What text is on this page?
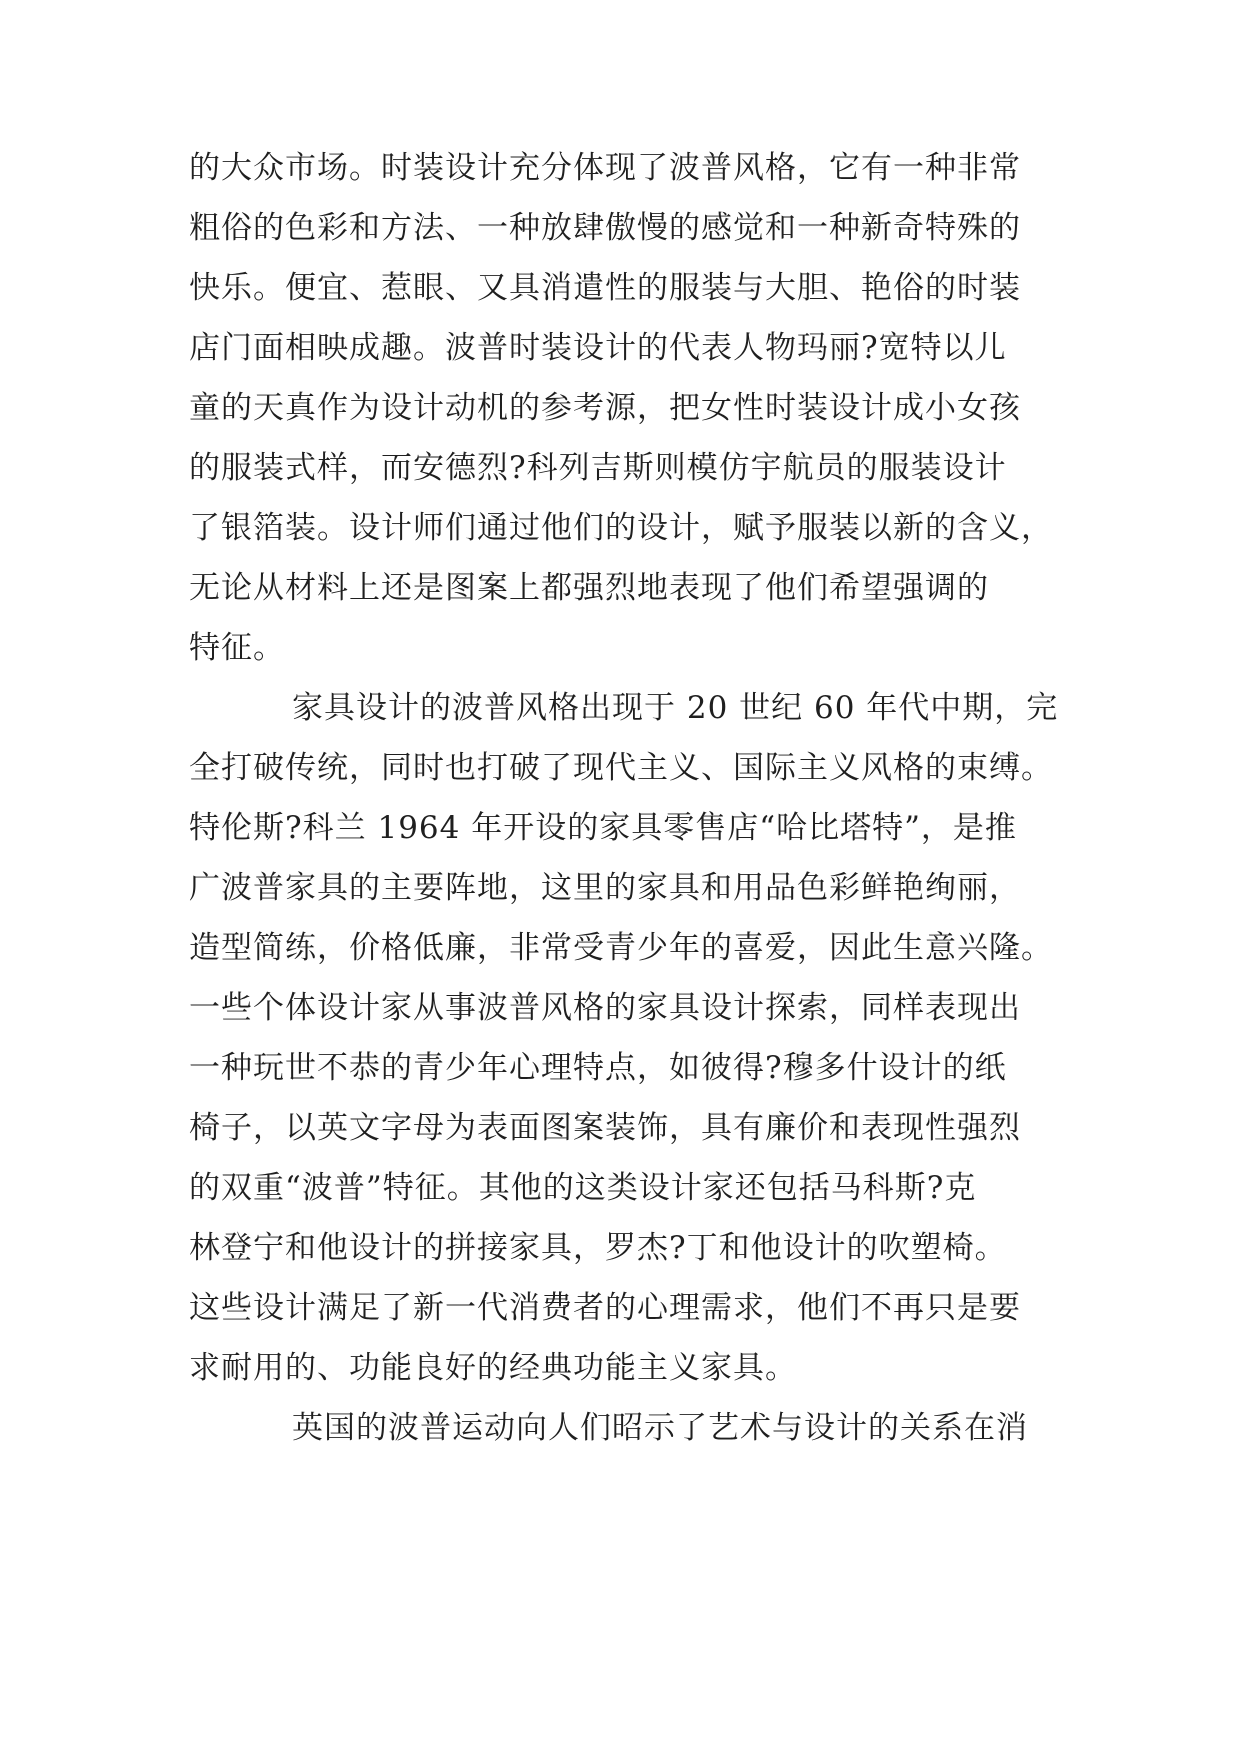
的大众市场。时装设计充分体现了波普风格，它有一种非常
粗俗的色彩和方法、一种放肆傲慢的感觉和一种新奇特殊的
快乐。便宜、惹眼、又具消遣性的服装与大胆、艳俗的时装
店门面相映成趣。波普时装设计的代表人物玛丽?宽特以儿
童的天真作为设计动机的参考源，把女性时装设计成小女孩
的服装式样，而安德烈?科列吉斯则模仿宇航员的服装设计
了银箔装。设计师们通过他们的设计，赋予服装以新的含义，
无论从材料上还是图案上都强烈地表现了他们希望强调的
特征。
家具设计的波普风格出现于 20 世纪 60 年代中期，完
全打破传统，同时也打破了现代主义、国际主义风格的束缚。
特伦斯?科兰 1964 年开设的家具零售店“哈比塔特”，是推
广波普家具的主要阵地，这里的家具和用品色彩鲜艳绚丽，
造型简练，价格低廉，非常受青少年的喜爱，因此生意兴隆。
一些个体设计家从事波普风格的家具设计探索，同样表现出
一种玩世不恭的青少年心理特点，如彼得?穆多什设计的纸
椅子，以英文字母为表面图案装饰，具有廉价和表现性强烈
的双重“波普”特征。其他的这类设计家还包括马科斯?克
林登宁和他设计的拼接家具，罗杰?丁和他设计的吹塑椅。
这些设计满足了新一代消费者的心理需求，他们不再只是要
求耐用的、功能良好的经典功能主义家具。
英国的波普运动向人们昭示了艺术与设计的关系在消
